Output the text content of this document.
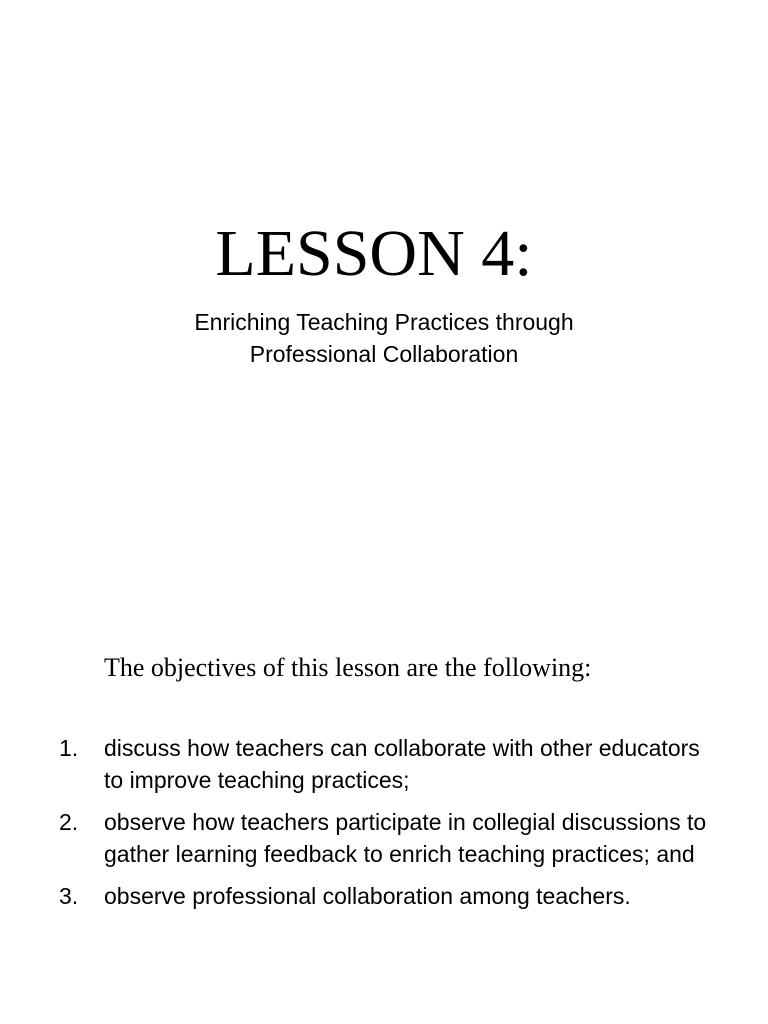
LESSON 4:
Enriching Teaching Practices through
Professional Collaboration

The objectives of this lesson are the following:

1. discuss how teachers can collaborate with other educators to improve teaching practices;
2. observe how teachers participate in collegial discussions to gather learning feedback to enrich teaching practices; and
3. observe professional collaboration among teachers.
